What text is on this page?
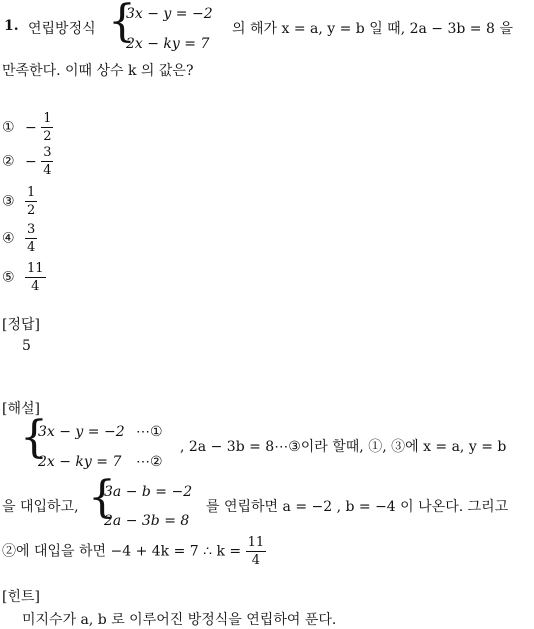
1. 연립방정식 {
3x − y = −2
2x − ky = 7
의 해가 x = a, y = b 일 때, 2a − 3b = 8 을
만족한다. 이때 상수 k 의 값은?
① − $\frac{1}{2}$
② − $\frac{3}{4}$
③ $\frac{1}{2}$
④ $\frac{3}{4}$
⑤ $\frac{11}{4}$
[정답]
5
[해설]
{
3x − y = −2 ⋯①
2x − ky = 7 ⋯②
, 2a − 3b = 8⋯③이라 할때, ①, ③에 x = a, y = b
을 대입하고, {
3a − b = −2
2a − 3b = 8
를 연립하면 a = −2 , b = −4 이 나온다. 그리고
②에 대입을 하면 −4 + 4k = 7 ∴ $k = \frac{11}{4}$
[힌트]
미지수가 a, b 로 이루어진 방정식을 연립하여 푼다.
